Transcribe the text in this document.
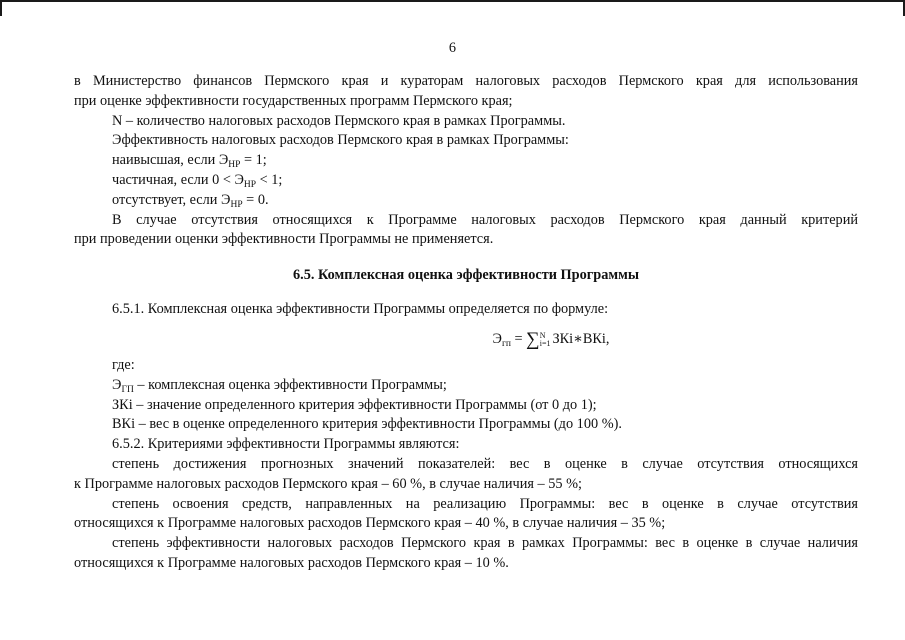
6

в Министерство финансов Пермского края и кураторам налоговых расходов Пермского края для использования

при оценке эффективности государственных программ Пермского края;

N – количество налоговых расходов Пермского края в рамках Программы.

Эффективность налоговых расходов Пермского края в рамках Программы:

наивысшая, если $Э_{НР} = 1$;

частичная, если $0 < Э_{НР} < 1$;

отсутствует, если $Э_{НР} = 0$.

В случае отсутствия относящихся к Программе налоговых расходов Пермского края данный критерий

при проведении оценки эффективности Программы не применяется.

6.5. Комплексная оценка эффективности Программы

6.5.1. Комплексная оценка эффективности Программы определяется по формуле:

$Э_{гп}$ = ∑ N
i=1 ЗКi∗ВКi,

где:

$Э_{ГП}$ – комплексная оценка эффективности Программы;

ЗКi – значение определенного критерия эффективности Программы (от 0 до 1);

ВКi – вес в оценке определенного критерия эффективности Программы (до 100 %).

6.5.2. Критериями эффективности Программы являются:

степень достижения прогнозных значений показателей: вес в оценке в случае отсутствия относящихся

к Программе налоговых расходов Пермского края – 60 %, в случае наличия – 55 %;

степень освоения средств, направленных на реализацию Программы: вес в оценке в случае отсутствия

относящихся к Программе налоговых расходов Пермского края – 40 %, в случае наличия – 35 %;

степень эффективности налоговых расходов Пермского края в рамках Программы: вес в оценке в случае наличия

относящихся к Программе налоговых расходов Пермского края – 10 %.
